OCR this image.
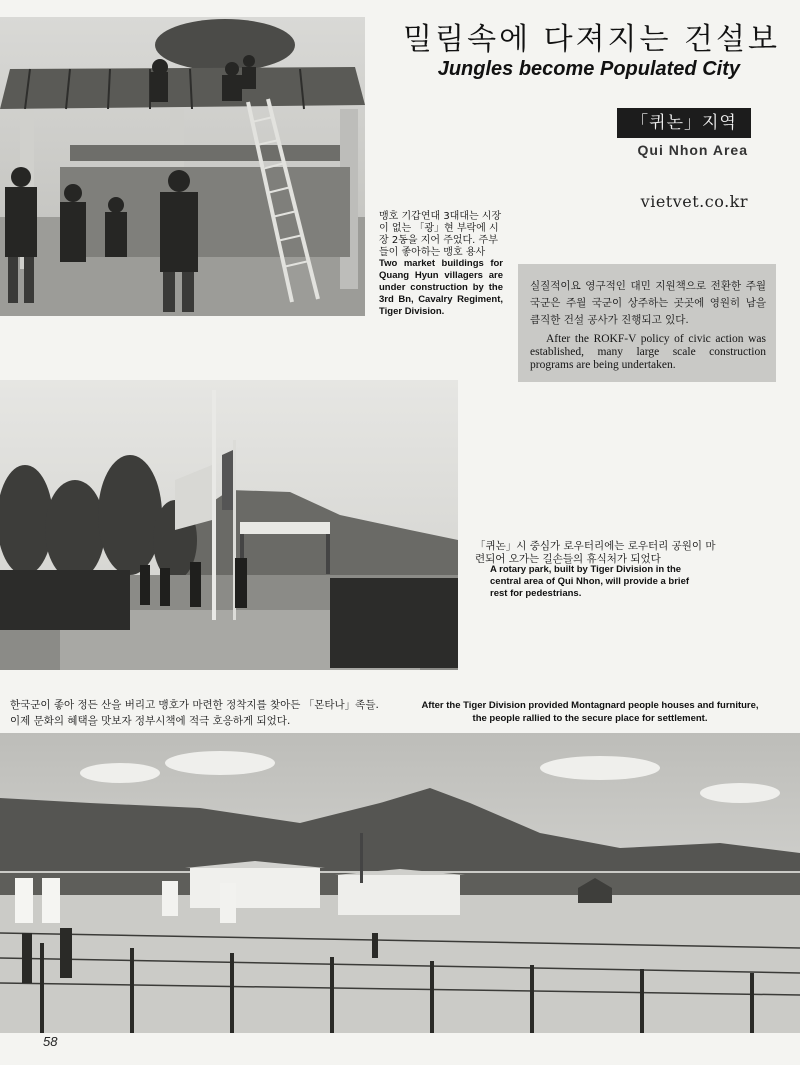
밀림속에 다져지는 건설보
Jungles become Populated City
「퀴논」지역
Qui Nhon Area
vietvet.co.kr
맹호 기갑연대 3대대는 시장이 없는 「광」현 부락에 시장 2동을 지어 주었다. 주부들이 좋아하는 맹호 용사
Two market buildings for Quang Hyun villagers are under construction by the 3rd Bn, Cavalry Regiment, Tiger Division.
실질적이요 영구적인 대민 지원책으로 전환한 주월 국군은 주월 국군이 상주하는 곳곳에 영원히 남을 큼직한 건설 공사가 진행되고 있다.
After the ROKF-V policy of civic action was established, many large scale construction programs are being undertaken.
「퀴논」시 중심가 로우터리에는 로우터리 공원이 마련되어 오가는 길손들의 휴식처가 되었다
A rotary park, built by Tiger Division in the central area of Qui Nhon, will provide a brief rest for pedestrians.
한국군이 좋아 정든 산을 버리고 맹호가 마련한 정착지를 찾아든 「몬타나」족들. 이제 문화의 혜택을 맛보자 정부시책에 적극 호응하게 되었다.
After the Tiger Division provided Montagnard people houses and furniture, the people rallied to the secure place for settlement.
58
